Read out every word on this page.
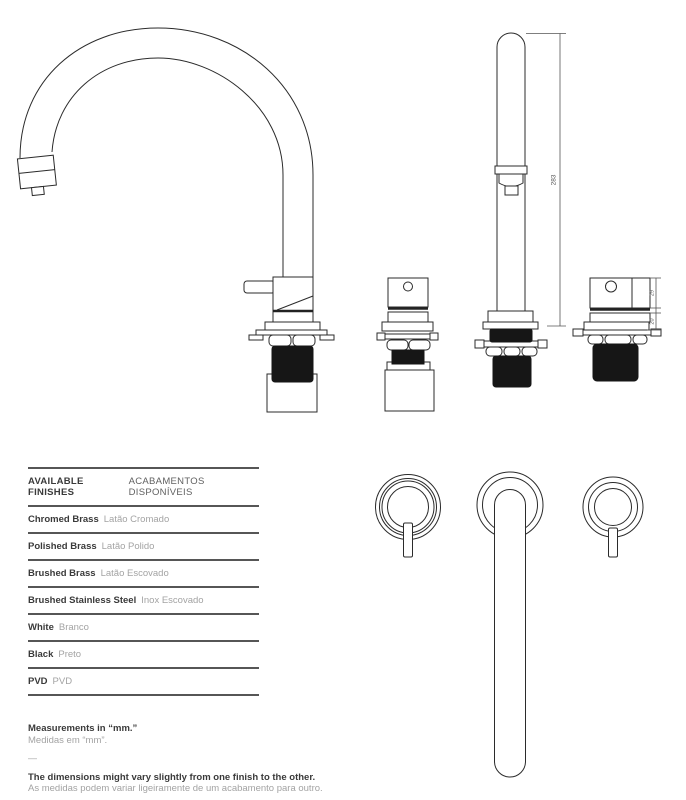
283
29
20
AVAILABLE FINISHES
ACABAMENTOS DISPONÍVEIS
Chromed Brass Latão Cromado
Polished Brass Latão Polido
Brushed Brass Latão Escovado
Brushed Stainless Steel Inox Escovado
White Branco
Black Preto
PVD PVD
Measurements in “mm.”
Medidas em “mm”.
—
The dimensions might vary slightly from one finish to the other.
As medidas podem variar ligeiramente de um acabamento para outro.
